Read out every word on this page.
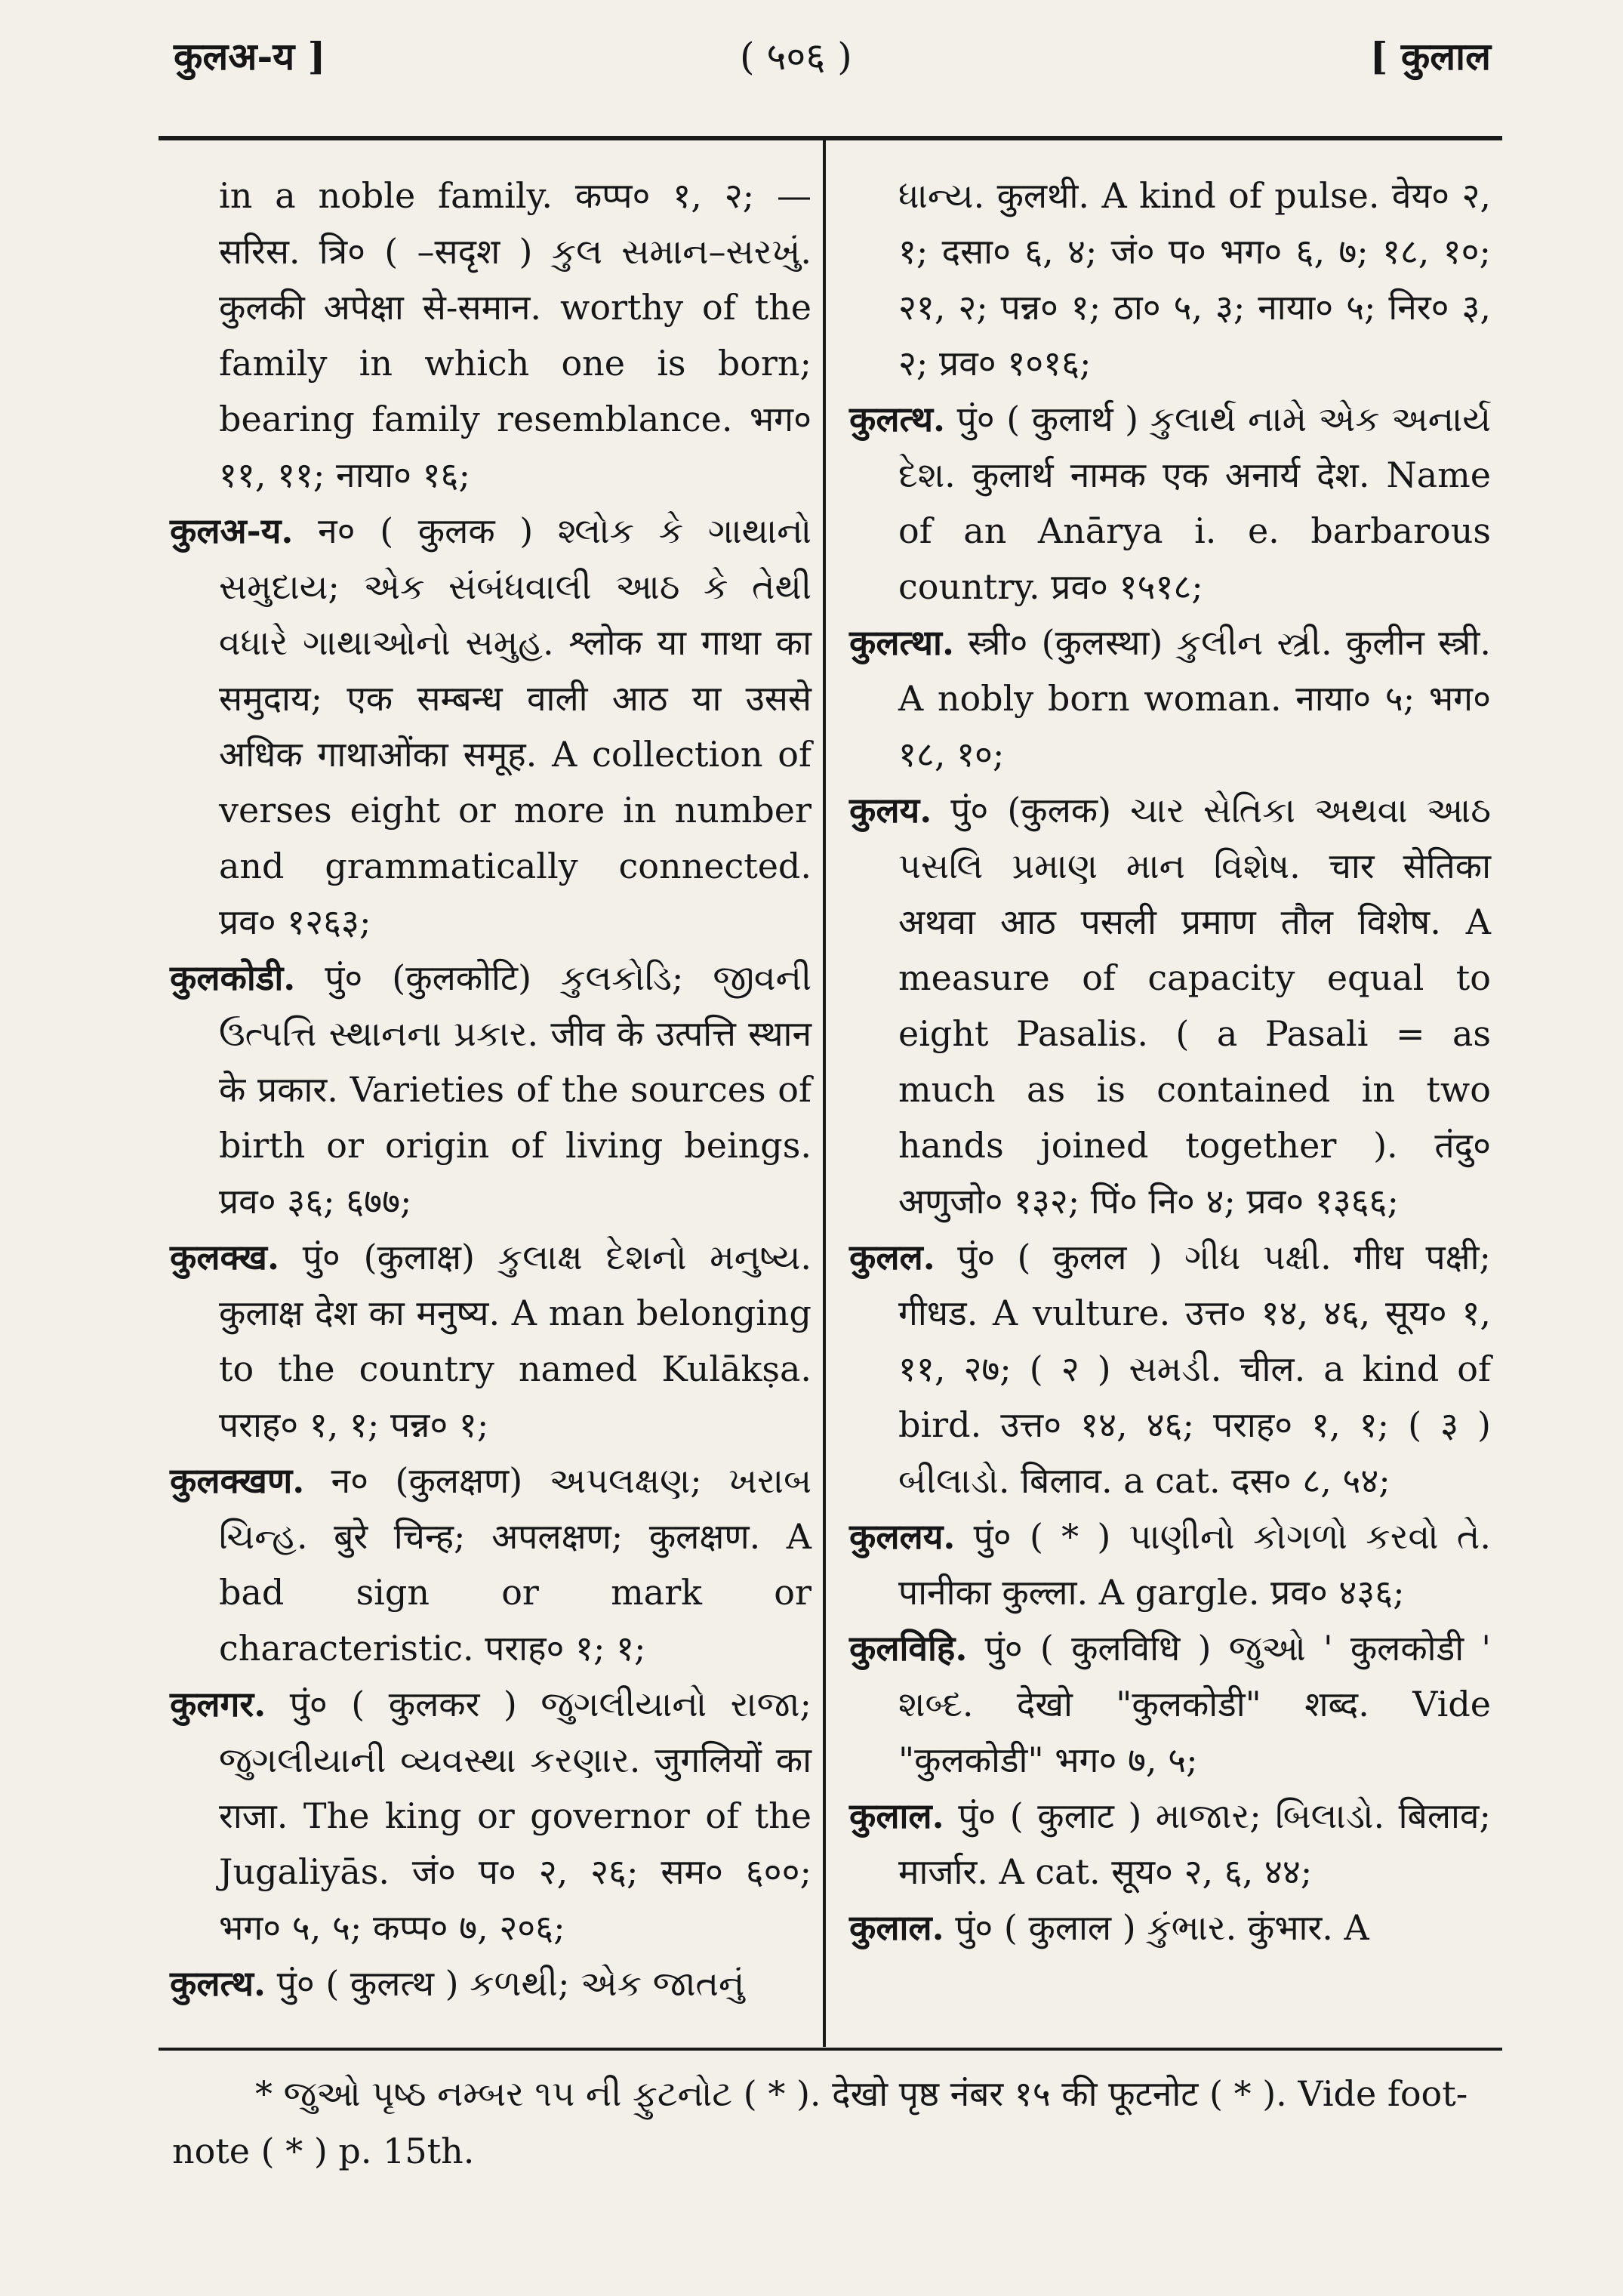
कुलअ-य ]	( ५०६ )	[ कुलाल

in a noble family. कप्प० १, २; —सरिस. त्रि० ( –सदृश ) કુલ સમાન–સરખું. कुलकी अपेक्षा से-समान. worthy of the family in which one is born; bearing family resemblance. भग० ११, ११; नाया० १६;

कुलअ-य. न० ( कुलक ) શ્લોક કે ગાથાનો સમુદાય; એક સંબંધવાલી આઠ કે તેથી વધારે ગાથાઓનો સમુહ. श्लोक या गाथा का समुदाय; एक सम्बन्ध वाली आठ या उससे अधिक गाथाओंका समूह. A collection of verses eight or more in number and grammatically connected. प्रव० १२६३;

कुलकोडी. पुं० (कुलकोटि) કુલકોડિ; જીવની ઉત્પત્તિ સ્થાનના પ્રકાર. जीव के उत्पत्ति स्थान के प्रकार. Varieties of the sources of birth or origin of living beings. प्रव० ३६; ६७७;

कुलक्ख. पुं० (कुलाक्ष) કુલાક્ષ દેશનો મનુષ્ય. कुलाक्ष देश का मनुष्य. A man belonging to the country named Kulākṣa. पराह० १, १; पन्न० १;

कुलक्खण. न० (कुलक्षण) અપલક્ષણ; ખરાબ ચિન્હ. बुरे चिन्ह; अपलक्षण; कुलक्षण. A bad sign or mark or characteristic. पराह० १; १;

कुलगर. पुं० ( कुलकर ) જુગલીયાનો રાજા; જુગલીયાની વ્યવસ્થા કરણાર. जुगलियों का राजा. The king or governor of the Jugaliyās. जं० प० २, २६; सम० ६००; भग० ५, ५; कप्प० ७, २०६;

कुलत्थ. पुं० ( कुलत्थ ) કળથી; એક જાતનું

ધાન્ય. कुलथी. A kind of pulse. वेय० २, १; दसा० ६, ४; जं० प० भग० ६, ७; १८, १०; २१, २; पन्न० १; ठा० ५, ३; नाया० ५; निर० ३, २; प्रव० १०१६;

कुलत्थ. पुं० ( कुलार्थ ) કુલાર્થ નામે એક અનાર્ય દેશ. कुलार्थ नामक एक अनार्य देश. Name of an Anārya i. e. barbarous country. प्रव० १५१८;

कुलत्था. स्त्री० (कुलस्था) કુલીન સ્ત્રી. कुलीन स्त्री. A nobly born woman. नाया० ५; भग० १८, १०;

कुलय. पुं० (कुलक) ચાર સેતિકા અથવા આઠ પસલિ પ્રમાણ માન વિશેષ. चार सेतिका अथवा आठ पसली प्रमाण तौल विशेष. A measure of capacity equal to eight Pasalis. ( a Pasali = as much as is contained in two hands joined together ). तंदु० अणुजो० १३२; पिं० नि० ४; प्रव० १३६६;

कुलल. पुं० ( कुलल ) ગીધ પક્ષી. गीध पक्षी; गीधड. A vulture. उत्त० १४, ४६, सूय० १, ११, २७; ( २ ) સમડી. चील. a kind of bird. उत्त० १४, ४६; पराह० १, १; ( ३ ) બીલાડો. बिलाव. a cat. दस० ८, ५४;

कुललय. पुं० ( * ) પાણીનો કોગળો કરવો તે. पानीका कुल्ला. A gargle. प्रव० ४३६;

कुलविहि. पुं० ( कुलविधि ) જુઓ ' कुलकोडी ' શબ્દ. देखो "कुलकोडी" शब्द. Vide "कुलकोडी" भग० ७, ५;

कुलाल. पुं० ( कुलाट ) માજાર; બિલાડો. बिलाव; मार्जार. A cat. सूय० २, ६, ४४;

कुलाल. पुं० ( कुलाल ) કુંભાર. कुंभार. A

* જુઓ પૃષ્ઠ નમ્બર ૧૫ ની ફુટનોટ ( * ). देखो पृष्ठ नंबर १५ की फूटनोट ( * ). Vide foot-note ( * ) p. 15th.
